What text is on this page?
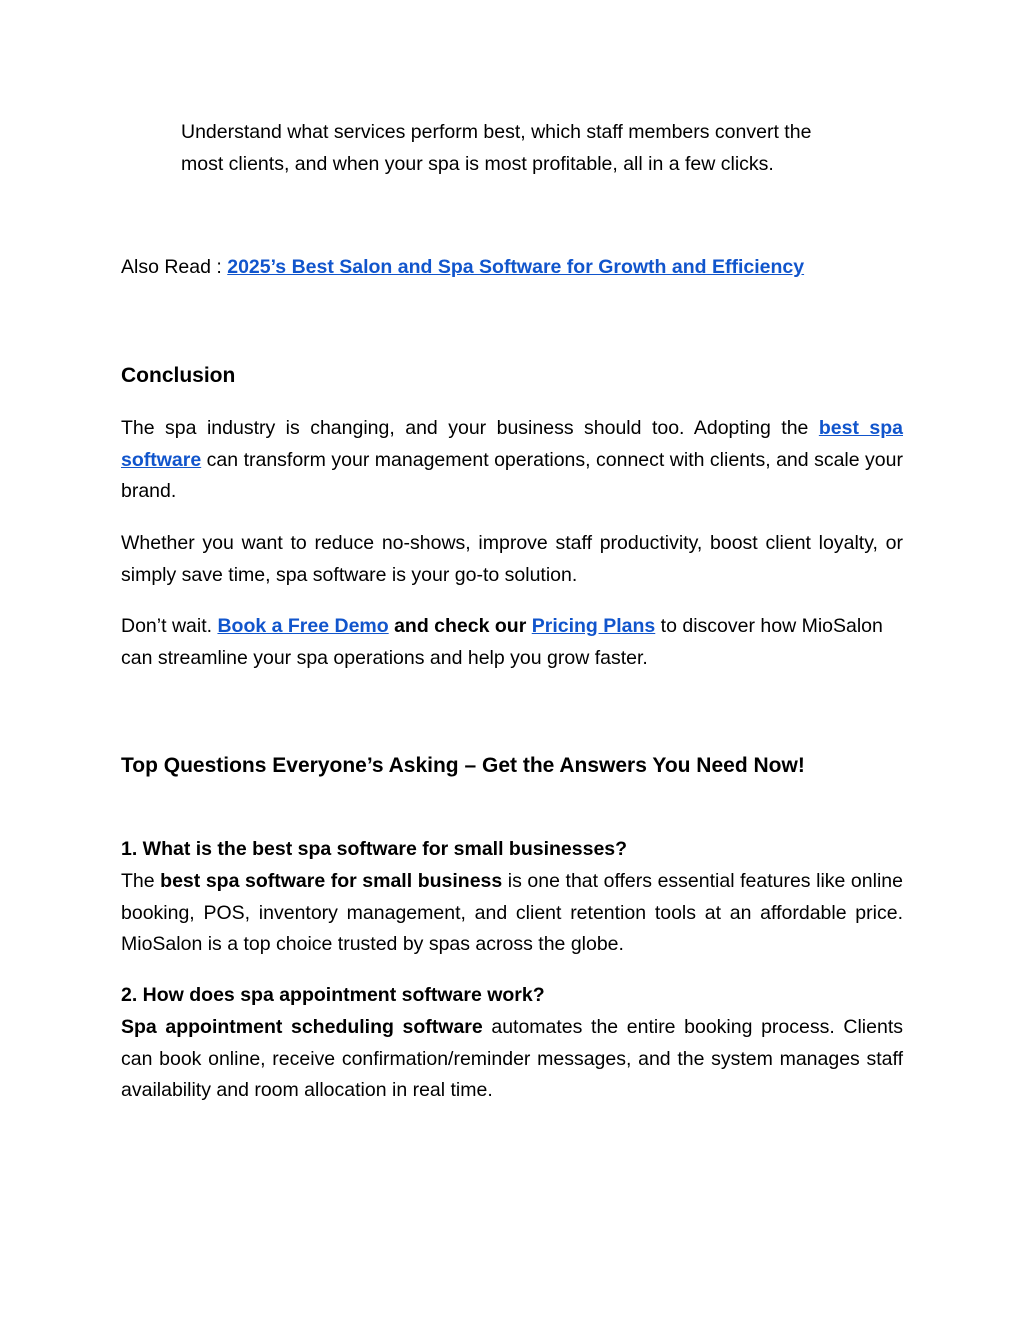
Understand what services perform best, which staff members convert the
most clients, and when your spa is most profitable, all in a few clicks.

Also Read : 2025’s Best Salon and Spa Software for Growth and Efficiency

Conclusion

The spa industry is changing, and your business should too. Adopting the best spa software can transform your management operations, connect with clients, and scale your brand.

Whether you want to reduce no-shows, improve staff productivity, boost client loyalty, or simply save time, spa software is your go-to solution.

Don’t wait. Book a Free Demo and check our Pricing Plans to discover how MioSalon can streamline your spa operations and help you grow faster.

Top Questions Everyone’s Asking – Get the Answers You Need Now!
1. What is the best spa software for small businesses?

The best spa software for small business is one that offers essential features like online booking, POS, inventory management, and client retention tools at an affordable price. MioSalon is a top choice trusted by spas across the globe.

2. How does spa appointment software work?

Spa appointment scheduling software automates the entire booking process. Clients can book online, receive confirmation/reminder messages, and the system manages staff availability and room allocation in real time.
